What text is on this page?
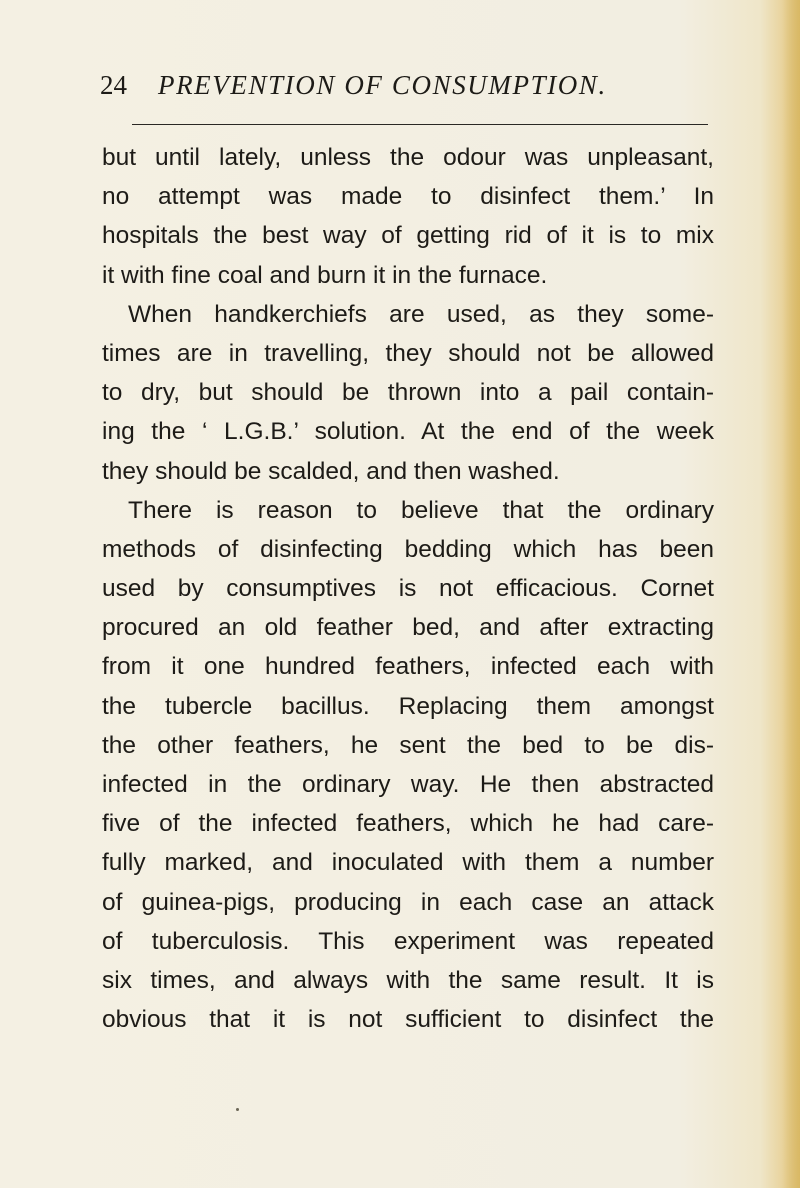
24 PREVENTION OF CONSUMPTION.
but until lately, unless the odour was unpleasant,
no attempt was made to disinfect them.’ In
hospitals the best way of getting rid of it is to mix
it with fine coal and burn it in the furnace.
When handkerchiefs are used, as they some-
times are in travelling, they should not be allowed
to dry, but should be thrown into a pail contain-
ing the ‘ L.G.B.’ solution. At the end of the week
they should be scalded, and then washed.
There is reason to believe that the ordinary
methods of disinfecting bedding which has been
used by consumptives is not efficacious. Cornet
procured an old feather bed, and after extracting
from it one hundred feathers, infected each with
the tubercle bacillus. Replacing them amongst
the other feathers, he sent the bed to be dis-
infected in the ordinary way. He then abstracted
five of the infected feathers, which he had care-
fully marked, and inoculated with them a number
of guinea-pigs, producing in each case an attack
of tuberculosis. This experiment was repeated
six times, and always with the same result. It is
obvious that it is not sufficient to disinfect the
